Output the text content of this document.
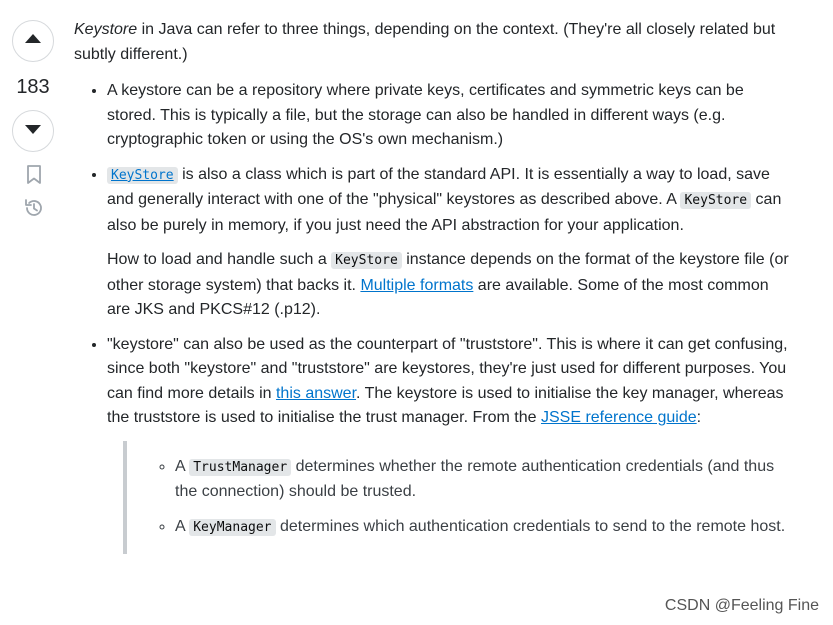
183

Keystore in Java can refer to three things, depending on the context. (They're all closely related but subtly different.)

• A keystore can be a repository where private keys, certificates and symmetric keys can be stored. This is typically a file, but the storage can also be handled in different ways (e.g. cryptographic token or using the OS's own mechanism.)
• KeyStore is also a class which is part of the standard API. It is essentially a way to load, save and generally interact with one of the "physical" keystores as described above. A KeyStore can also be purely in memory, if you just need the API abstraction for your application.

How to load and handle such a KeyStore instance depends on the format of the keystore file (or other storage system) that backs it. Multiple formats are available. Some of the most common are JKS and PKCS#12 (.p12).

• "keystore" can also be used as the counterpart of "truststore". This is where it can get confusing, since both "keystore" and "truststore" are keystores, they're just used for different purposes. You can find more details in this answer. The keystore is used to initialise the key manager, whereas the truststore is used to initialise the trust manager. From the JSSE reference guide:
◦ A TrustManager determines whether the remote authentication credentials (and thus the connection) should be trusted.
◦ A KeyManager determines which authentication credentials to send to the remote host.
CSDN @Feeling Fine
